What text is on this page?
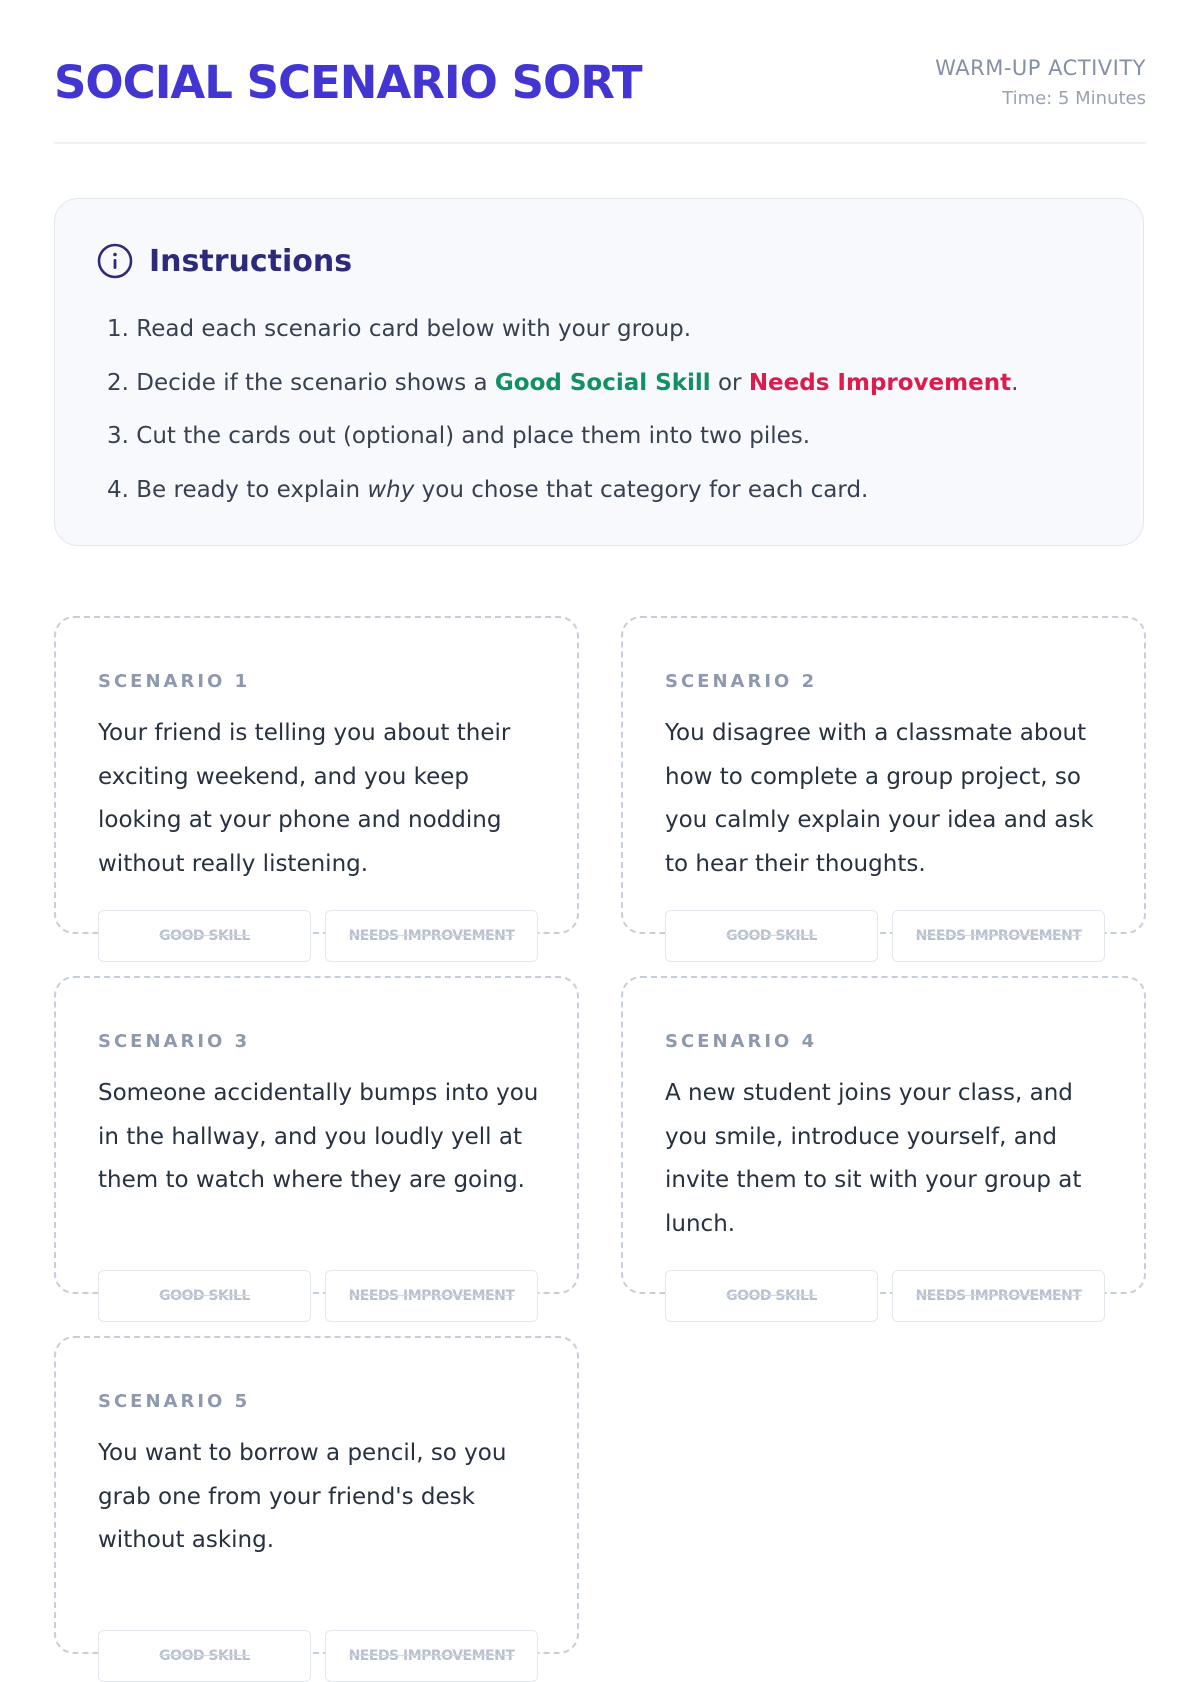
SOCIAL SCENARIO SORT	WARM-UP ACTIVITY
Time: 5 Minutes
Instructions
1. Read each scenario card below with your group.
2. Decide if the scenario shows a Good Social Skill or Needs Improvement.
3. Cut the cards out (optional) and place them into two piles.
4. Be ready to explain why you chose that category for each card.
SCENARIO 1

Your friend is telling you about their exciting weekend, and you keep looking at your phone and nodding without really listening.

GOOD SKILL	NEEDS IMPROVEMENT
SCENARIO 2

You disagree with a classmate about how to complete a group project, so you calmly explain your idea and ask to hear their thoughts.

GOOD SKILL	NEEDS IMPROVEMENT
SCENARIO 3

Someone accidentally bumps into you in the hallway, and you loudly yell at them to watch where they are going.

GOOD SKILL	NEEDS IMPROVEMENT
SCENARIO 4

A new student joins your class, and you smile, introduce yourself, and invite them to sit with your group at lunch.

GOOD SKILL	NEEDS IMPROVEMENT
SCENARIO 5

You want to borrow a pencil, so you grab one from your friend's desk without asking.

GOOD SKILL	NEEDS IMPROVEMENT
